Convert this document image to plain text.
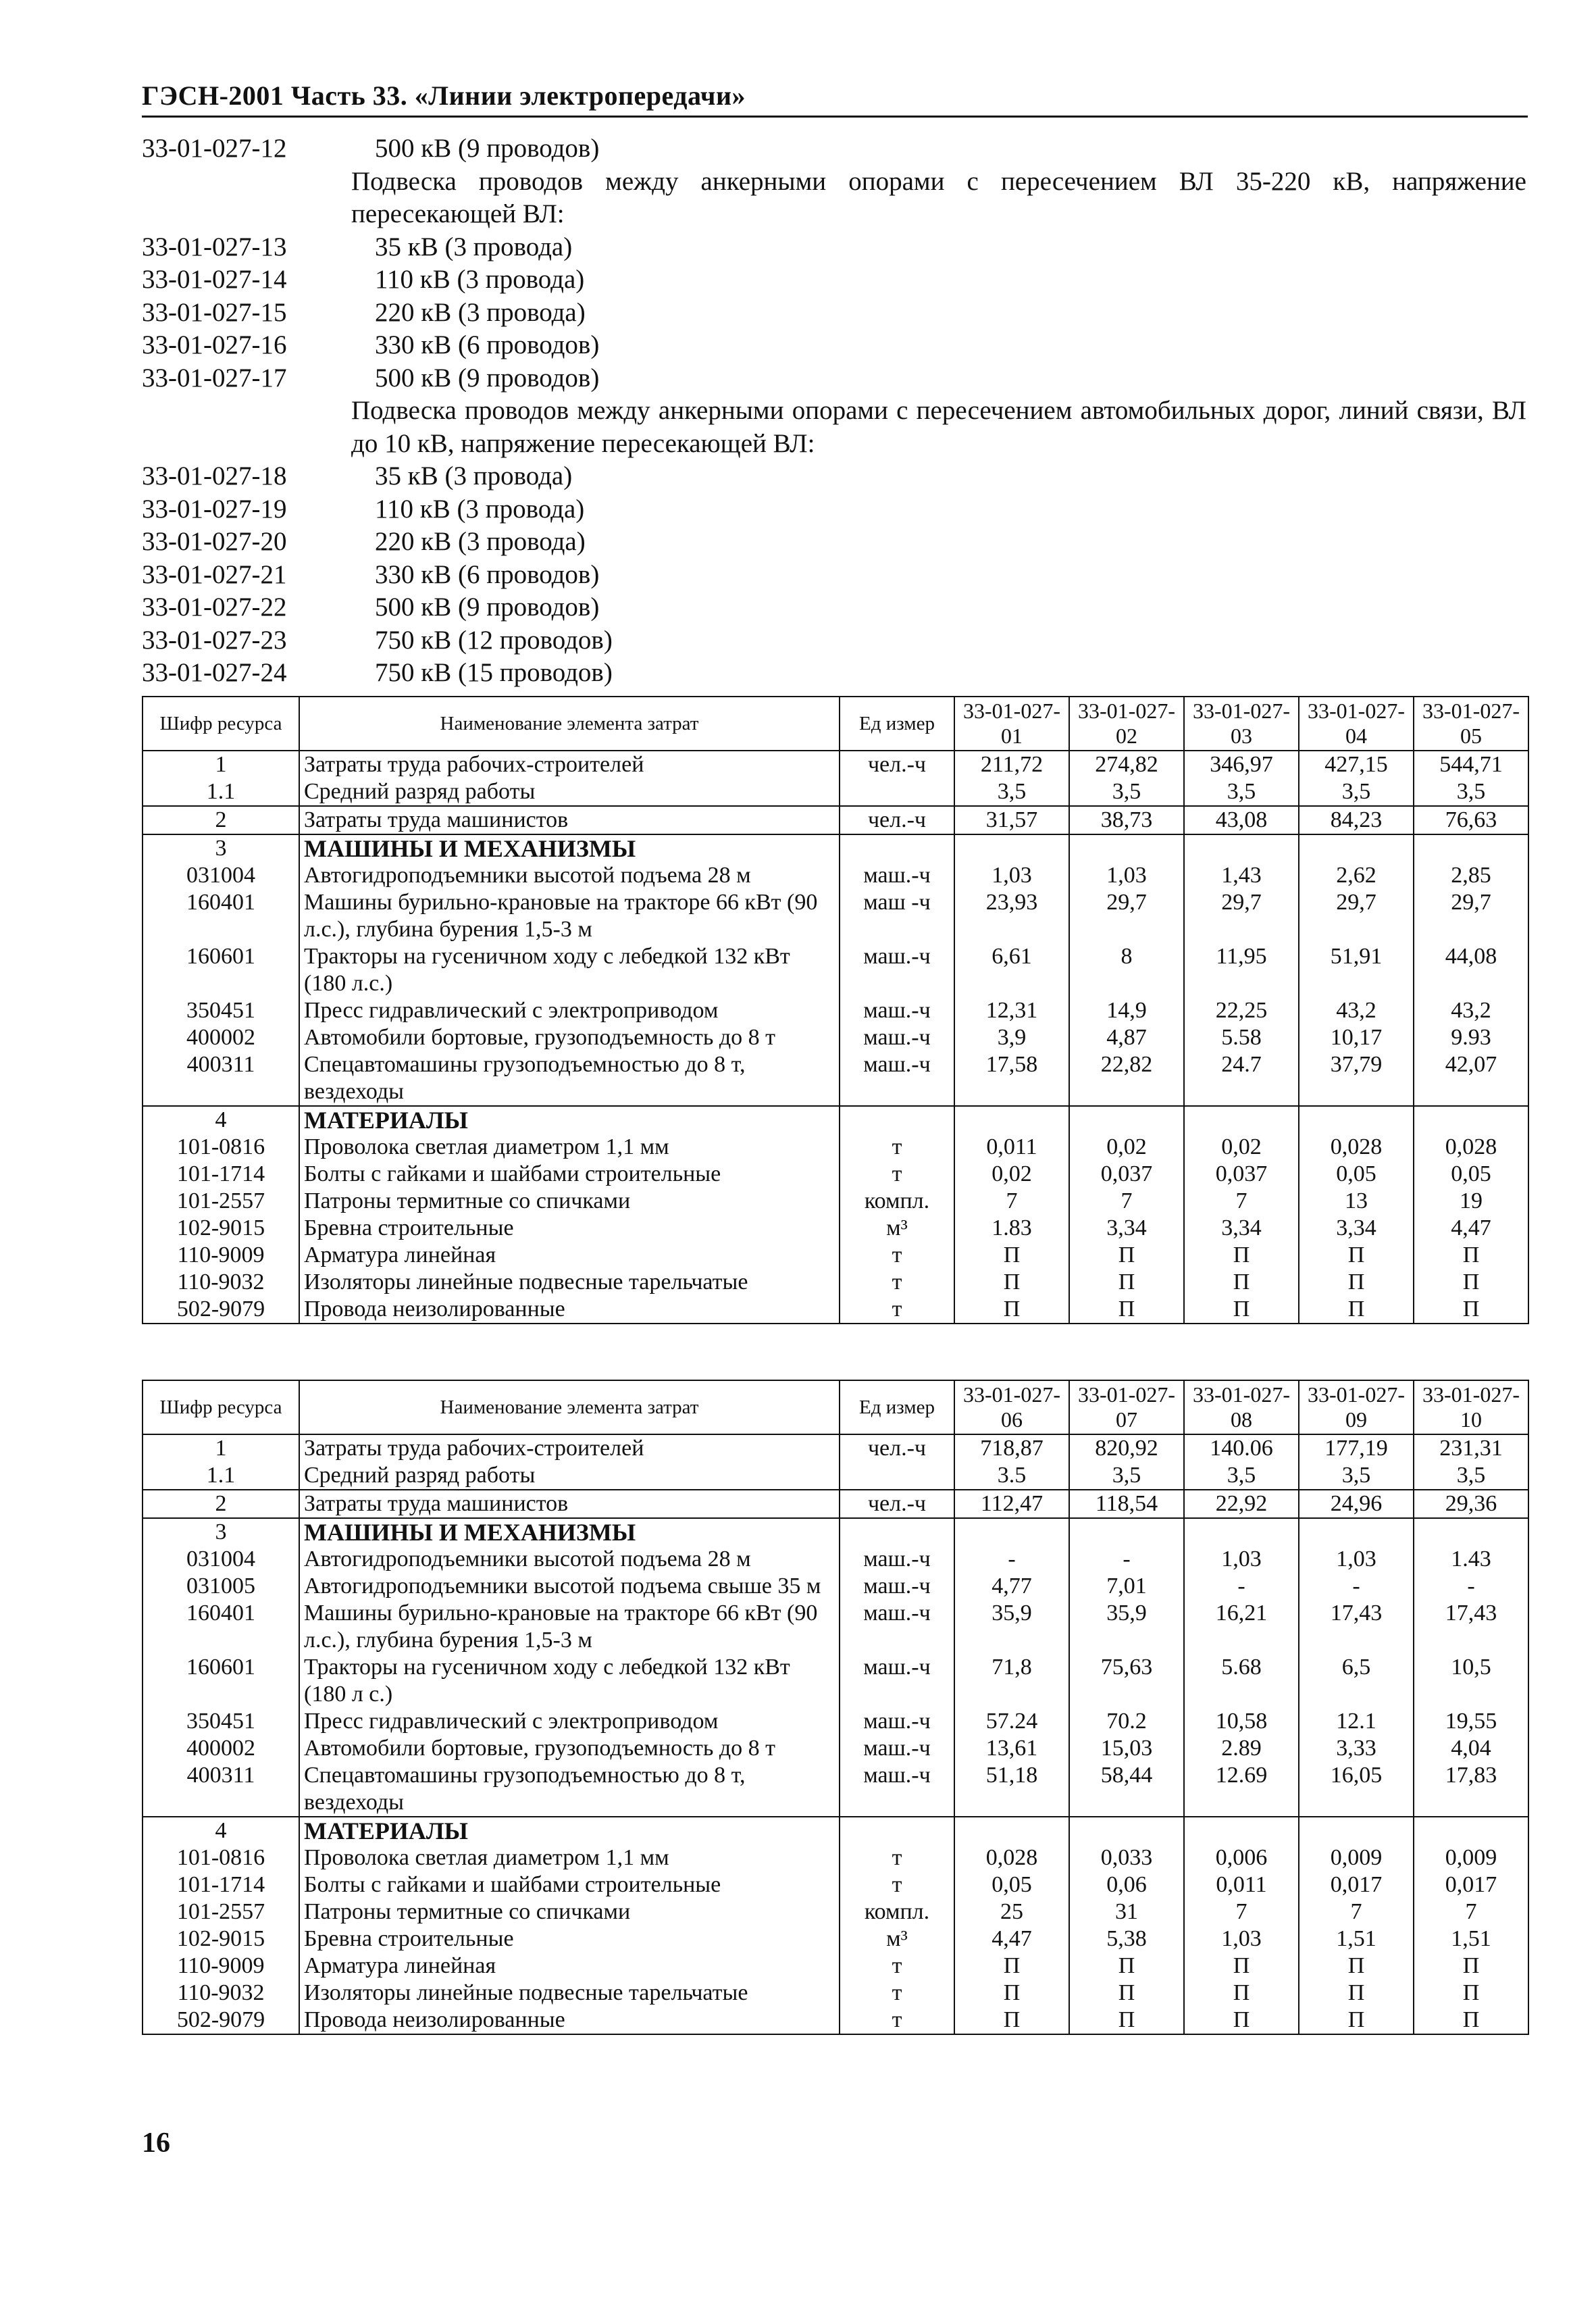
ГЭСН-2001 Часть 33. «Линии электропередачи»
33-01-027-12	500 кВ (9 проводов)
Подвеска проводов между анкерными опорами с пересечением ВЛ 35-220 кВ, напряжение пересекающей ВЛ:
33-01-027-13	35 кВ (3 провода)
33-01-027-14	110 кВ (3 провода)
33-01-027-15	220 кВ (3 провода)
33-01-027-16	330 кВ (6 проводов)
33-01-027-17	500 кВ (9 проводов)
Подвеска проводов между анкерными опорами с пересечением автомобильных дорог, линий связи, ВЛ до 10 кВ, напряжение пересекающей ВЛ:
33-01-027-18	35 кВ (3 провода)
33-01-027-19	110 кВ (3 провода)
33-01-027-20	220 кВ (3 провода)
33-01-027-21	330 кВ (6 проводов)
33-01-027-22	500 кВ (9 проводов)
33-01-027-23	750 кВ (12 проводов)
33-01-027-24	750 кВ (15 проводов)
Шифр ресурса	Наименование элемента затрат	Ед измер	33-01-027-01	33-01-027-02	33-01-027-03	33-01-027-04	33-01-027-05
1	Затраты труда рабочих-строителей	чел.-ч	211,72	274,82	346,97	427,15	544,71
1.1	Средний разряд работы		3,5	3,5	3,5	3,5	3,5
2	Затраты труда машинистов	чел.-ч	31,57	38,73	43,08	84,23	76,63
3	МАШИНЫ И МЕХАНИЗМЫ						
031004	Автогидроподъемники высотой подъема 28 м	маш.-ч	1,03	1,03	1,43	2,62	2,85
160401	Машины бурильно-крановые на тракторе 66 кВт (90 л.с.), глубина бурения 1,5-3 м	маш -ч	23,93	29,7	29,7	29,7	29,7
160601	Тракторы на гусеничном ходу с лебедкой 132 кВт (180 л.с.)	маш.-ч	6,61	8	11,95	51,91	44,08
350451	Пресс гидравлический с электроприводом	маш.-ч	12,31	14,9	22,25	43,2	43,2
400002	Автомобили бортовые, грузоподъемность до 8 т	маш.-ч	3,9	4,87	5.58	10,17	9.93
400311	Спецавтомашины грузоподъемностью до 8 т, вездеходы	маш.-ч	17,58	22,82	24.7	37,79	42,07
4	МАТЕРИАЛЫ						
101-0816	Проволока светлая диаметром 1,1 мм	т	0,011	0,02	0,02	0,028	0,028
101-1714	Болты с гайками и шайбами строительные	т	0,02	0,037	0,037	0,05	0,05
101-2557	Патроны термитные со спичками	компл.	7	7	7	13	19
102-9015	Бревна строительные	м³	1.83	3,34	3,34	3,34	4,47
110-9009	Арматура линейная	т	П	П	П	П	П
110-9032	Изоляторы линейные подвесные тарельчатые	т	П	П	П	П	П
502-9079	Провода неизолированные	т	П	П	П	П	П
Шифр ресурса	Наименование элемента затрат	Ед измер	33-01-027-06	33-01-027-07	33-01-027-08	33-01-027-09	33-01-027-10
1	Затраты труда рабочих-строителей	чел.-ч	718,87	820,92	140.06	177,19	231,31
1.1	Средний разряд работы		3.5	3,5	3,5	3,5	3,5
2	Затраты труда машинистов	чел.-ч	112,47	118,54	22,92	24,96	29,36
3	МАШИНЫ И МЕХАНИЗМЫ						
031004	Автогидроподъемники высотой подъема 28 м	маш.-ч	-	-	1,03	1,03	1.43
031005	Автогидроподъемники высотой подъема свыше 35 м	маш.-ч	4,77	7,01	-	-	-
160401	Машины бурильно-крановые на тракторе 66 кВт (90 л.с.), глубина бурения 1,5-3 м	маш.-ч	35,9	35,9	16,21	17,43	17,43
160601	Тракторы на гусеничном ходу с лебедкой 132 кВт (180 л с.)	маш.-ч	71,8	75,63	5.68	6,5	10,5
350451	Пресс гидравлический с электроприводом	маш.-ч	57.24	70.2	10,58	12.1	19,55
400002	Автомобили бортовые, грузоподъемность до 8 т	маш.-ч	13,61	15,03	2.89	3,33	4,04
400311	Спецавтомашины грузоподъемностью до 8 т, вездеходы	маш.-ч	51,18	58,44	12.69	16,05	17,83
4	МАТЕРИАЛЫ						
101-0816	Проволока светлая диаметром 1,1 мм	т	0,028	0,033	0,006	0,009	0,009
101-1714	Болты с гайками и шайбами строительные	т	0,05	0,06	0,011	0,017	0,017
101-2557	Патроны термитные со спичками	компл.	25	31	7	7	7
102-9015	Бревна строительные	м³	4,47	5,38	1,03	1,51	1,51
110-9009	Арматура линейная	т	П	П	П	П	П
110-9032	Изоляторы линейные подвесные тарельчатые	т	П	П	П	П	П
502-9079	Провода неизолированные	т	П	П	П	П	П
16
